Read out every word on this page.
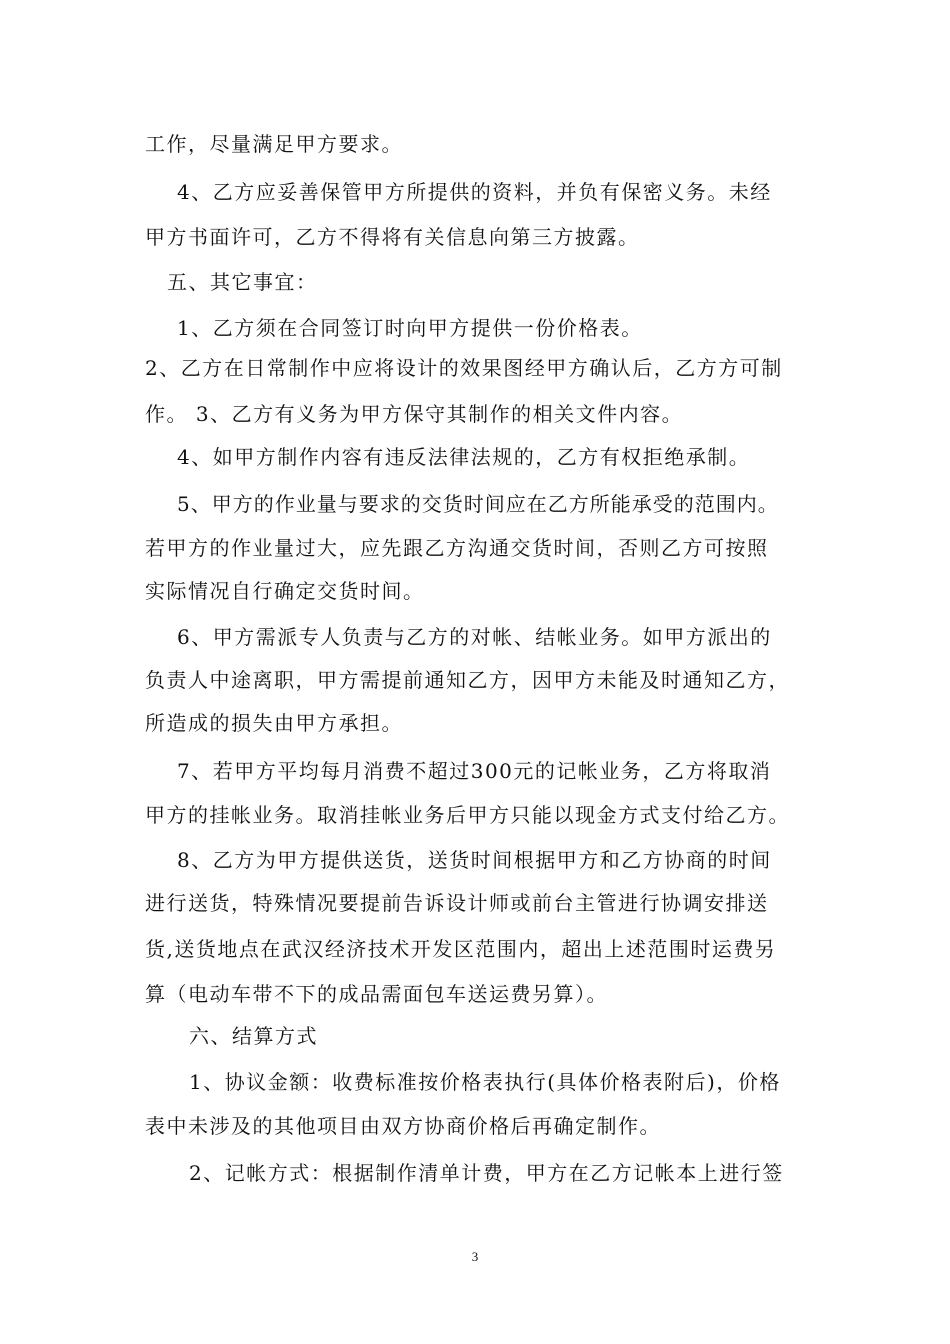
工作，尽量满足甲方要求。
4、乙方应妥善保管甲方所提供的资料，并负有保密义务。未经
甲方书面许可，乙方不得将有关信息向第三方披露。
五、其它事宜：
1、乙方须在合同签订时向甲方提供一份价格表。
2、乙方在日常制作中应将设计的效果图经甲方确认后，乙方方可制
作。 3、乙方有义务为甲方保守其制作的相关文件内容。
4、如甲方制作内容有违反法律法规的，乙方有权拒绝承制。
5、甲方的作业量与要求的交货时间应在乙方所能承受的范围内。
若甲方的作业量过大，应先跟乙方沟通交货时间，否则乙方可按照
实际情况自行确定交货时间。
6、甲方需派专人负责与乙方的对帐、结帐业务。如甲方派出的
负责人中途离职，甲方需提前通知乙方，因甲方未能及时通知乙方，
所造成的损失由甲方承担。
7、若甲方平均每月消费不超过300元的记帐业务，乙方将取消
甲方的挂帐业务。取消挂帐业务后甲方只能以现金方式支付给乙方。
8、乙方为甲方提供送货，送货时间根据甲方和乙方协商的时间
进行送货，特殊情况要提前告诉设计师或前台主管进行协调安排送
货,送货地点在武汉经济技术开发区范围内，超出上述范围时运费另
算（电动车带不下的成品需面包车送运费另算）。
六、结算方式
1、协议金额：收费标准按价格表执行(具体价格表附后)，价格
表中未涉及的其他项目由双方协商价格后再确定制作。
2、记帐方式：根据制作清单计费，甲方在乙方记帐本上进行签
3
